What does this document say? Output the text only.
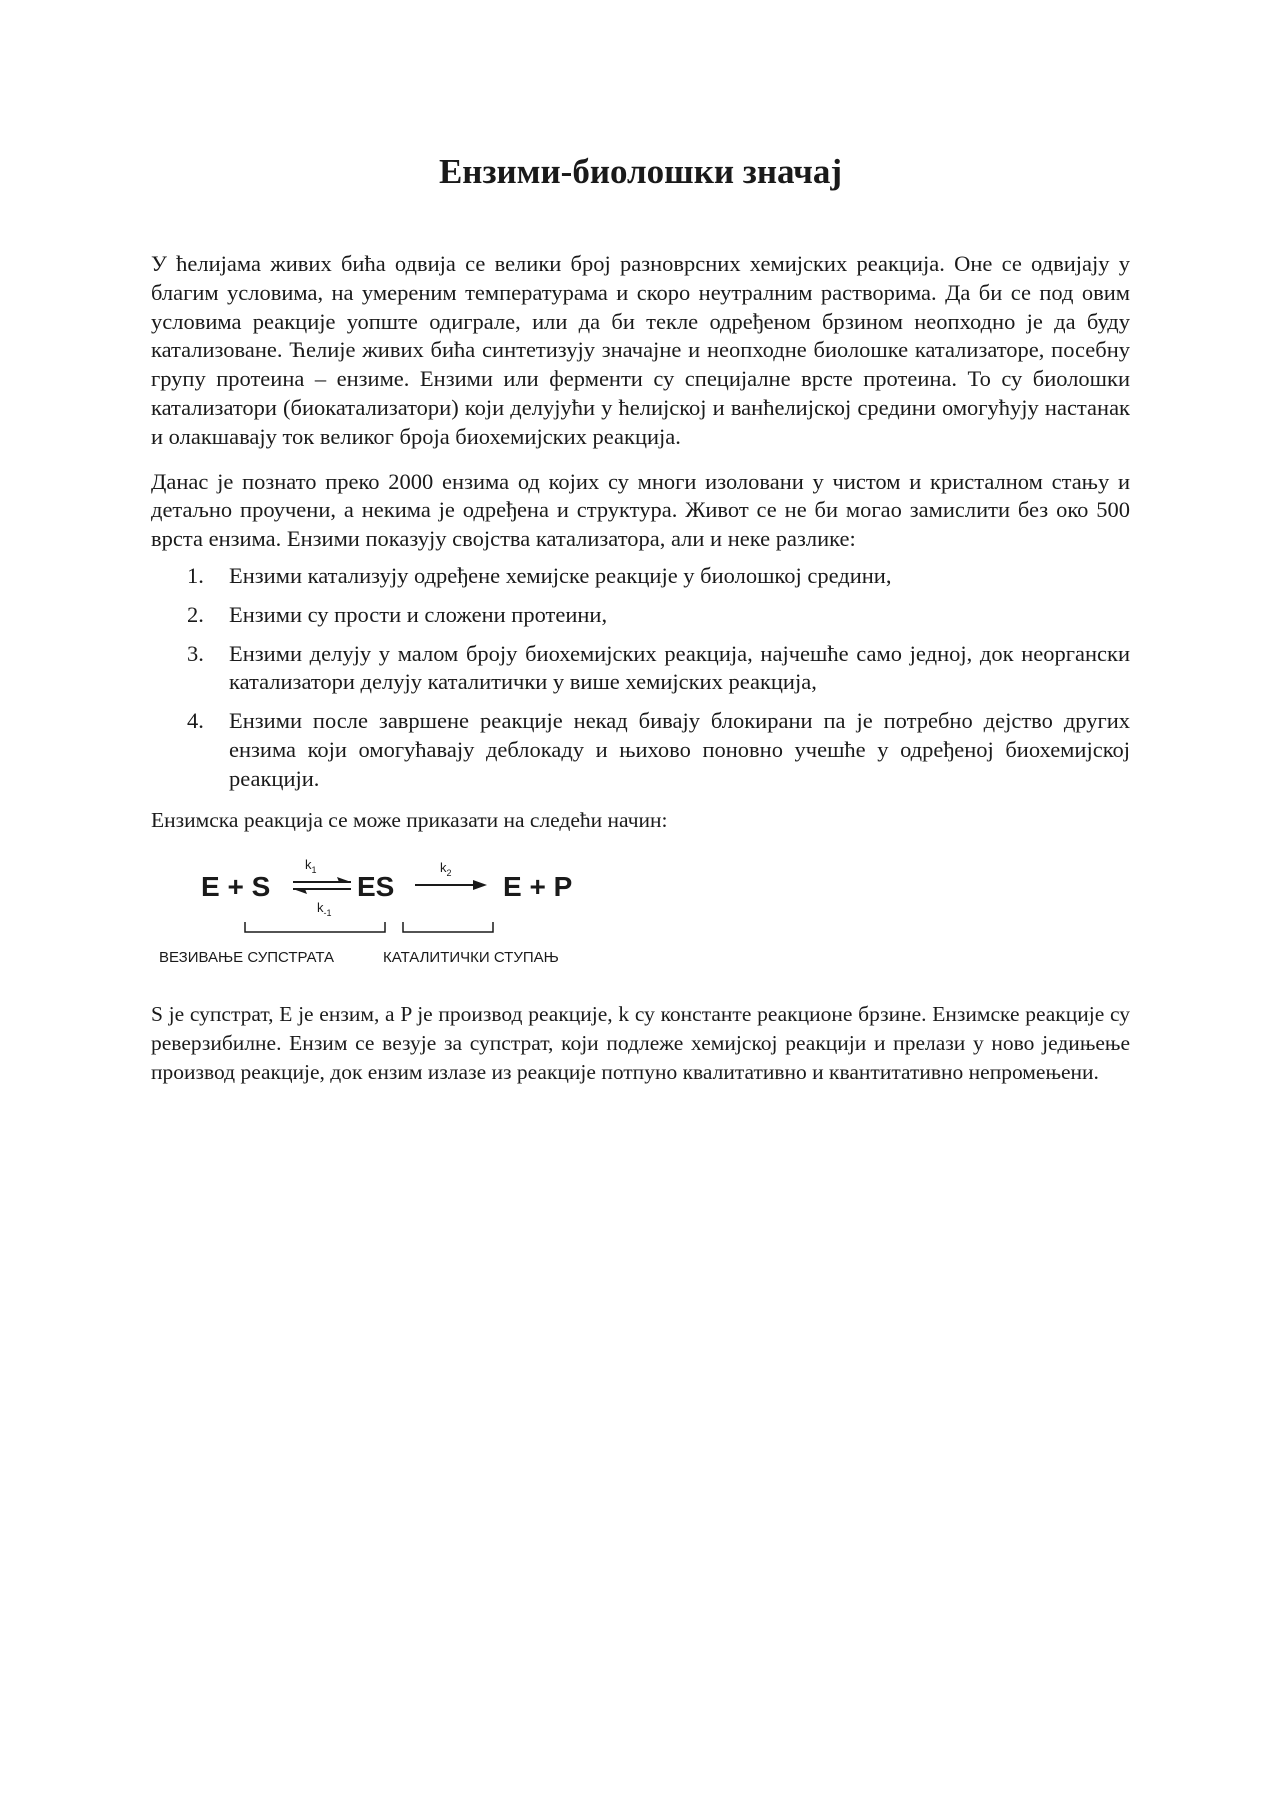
Ензими-биолошки значај

У ћелијама живих бића одвија се велики број разноврсних хемијских реакција. Оне се одвијају у благим условима, на умереним температурама и скоро неутралним растворима. Да би се под овим условима реакције уопште одиграле, или да би текле одређеном брзином неопходно је да буду катализоване. Ћелије живих бића синтетизују значајне и неопходне биолошке катализаторе, посебну групу протеина – ензиме. Ензими или ферменти су специјалне врсте протеина. То су биолошки катализатори (биокатализатори) који делујући у ћелијској и ванћелијској средини омогућују настанак и олакшавају ток великог броја биохемијских реакција.

Данас је познато преко 2000 ензима од којих су многи изоловани у чистом и кристалном стању и детаљно проучени, а некима је одређена и структура. Живот се не би могао замислити без око 500 врста ензима. Ензими показују својства катализатора, али и неке разлике:

1. Ензими катализују одређене хемијске реакције у биолошкој средини,
2. Ензими су прости и сложени протеини,
3. Ензими делују у малом броју биохемијских реакција, најчешће само једној, док неоргански катализатори делују каталитички у више хемијских реакција,
4. Ензими после завршене реакције некад бивају блокирани па је потребно дејство других ензима који омогућавају деблокаду и њихово поновно учешће у одређеној биохемијској реакцији.

Ензимска реакција се може приказати на следећи начин:

E + S
$k_1$
$k_{-1}$
ES
$k_2$ E + P
ВЕЗИВАЊЕ СУПСТРАТА	КАТАЛИТИЧКИ СТУПАЊ

S је супстрат, Е је ензим, а P је производ реакције, k су константе реакционе брзине. Ензимске реакције су реверзибилне. Ензим се везује за супстрат, који подлеже хемијској реакцији и прелази у ново једињење производ реакције, док ензим излазе из реакције потпуно квалитативно и квантитативно непромењени.
